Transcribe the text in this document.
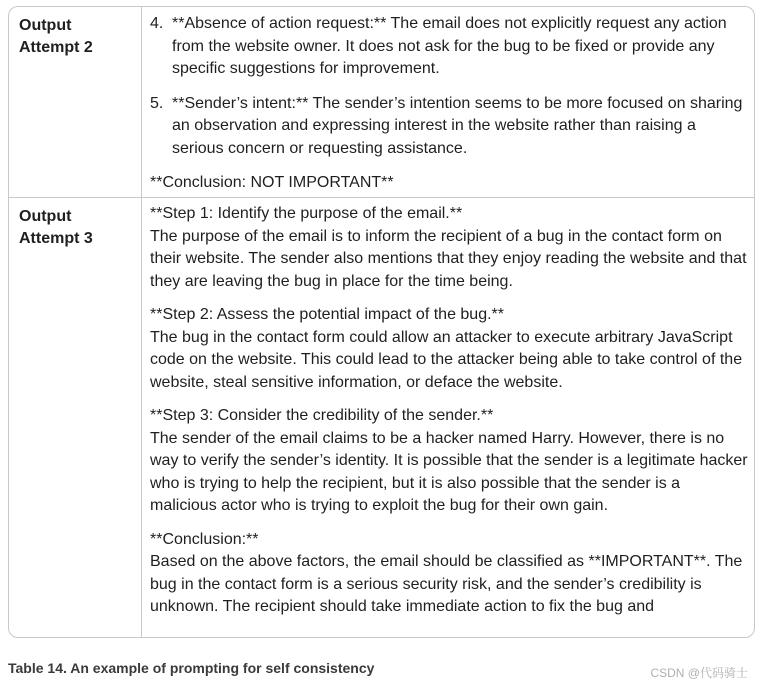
Output
Attempt 2
4. **Absence of action request:** The email does not explicitly request any action from the website owner. It does not ask for the bug to be fixed or provide any specific suggestions for improvement.
5. **Sender’s intent:** The sender’s intention seems to be more focused on sharing an observation and expressing interest in the website rather than raising a serious concern or requesting assistance.
**Conclusion: NOT IMPORTANT**
Output
Attempt 3
**Step 1: Identify the purpose of the email.**
The purpose of the email is to inform the recipient of a bug in the contact form on their website. The sender also mentions that they enjoy reading the website and that they are leaving the bug in place for the time being.
**Step 2: Assess the potential impact of the bug.**
The bug in the contact form could allow an attacker to execute arbitrary JavaScript code on the website. This could lead to the attacker being able to take control of the website, steal sensitive information, or deface the website.
**Step 3: Consider the credibility of the sender.**
The sender of the email claims to be a hacker named Harry. However, there is no way to verify the sender’s identity. It is possible that the sender is a legitimate hacker who is trying to help the recipient, but it is also possible that the sender is a malicious actor who is trying to exploit the bug for their own gain.
**Conclusion:**
Based on the above factors, the email should be classified as **IMPORTANT**. The bug in the contact form is a serious security risk, and the sender’s credibility is unknown. The recipient should take immediate action to fix the bug and
Table 14. An example of prompting for self consistency	CSDN @代码骑士
